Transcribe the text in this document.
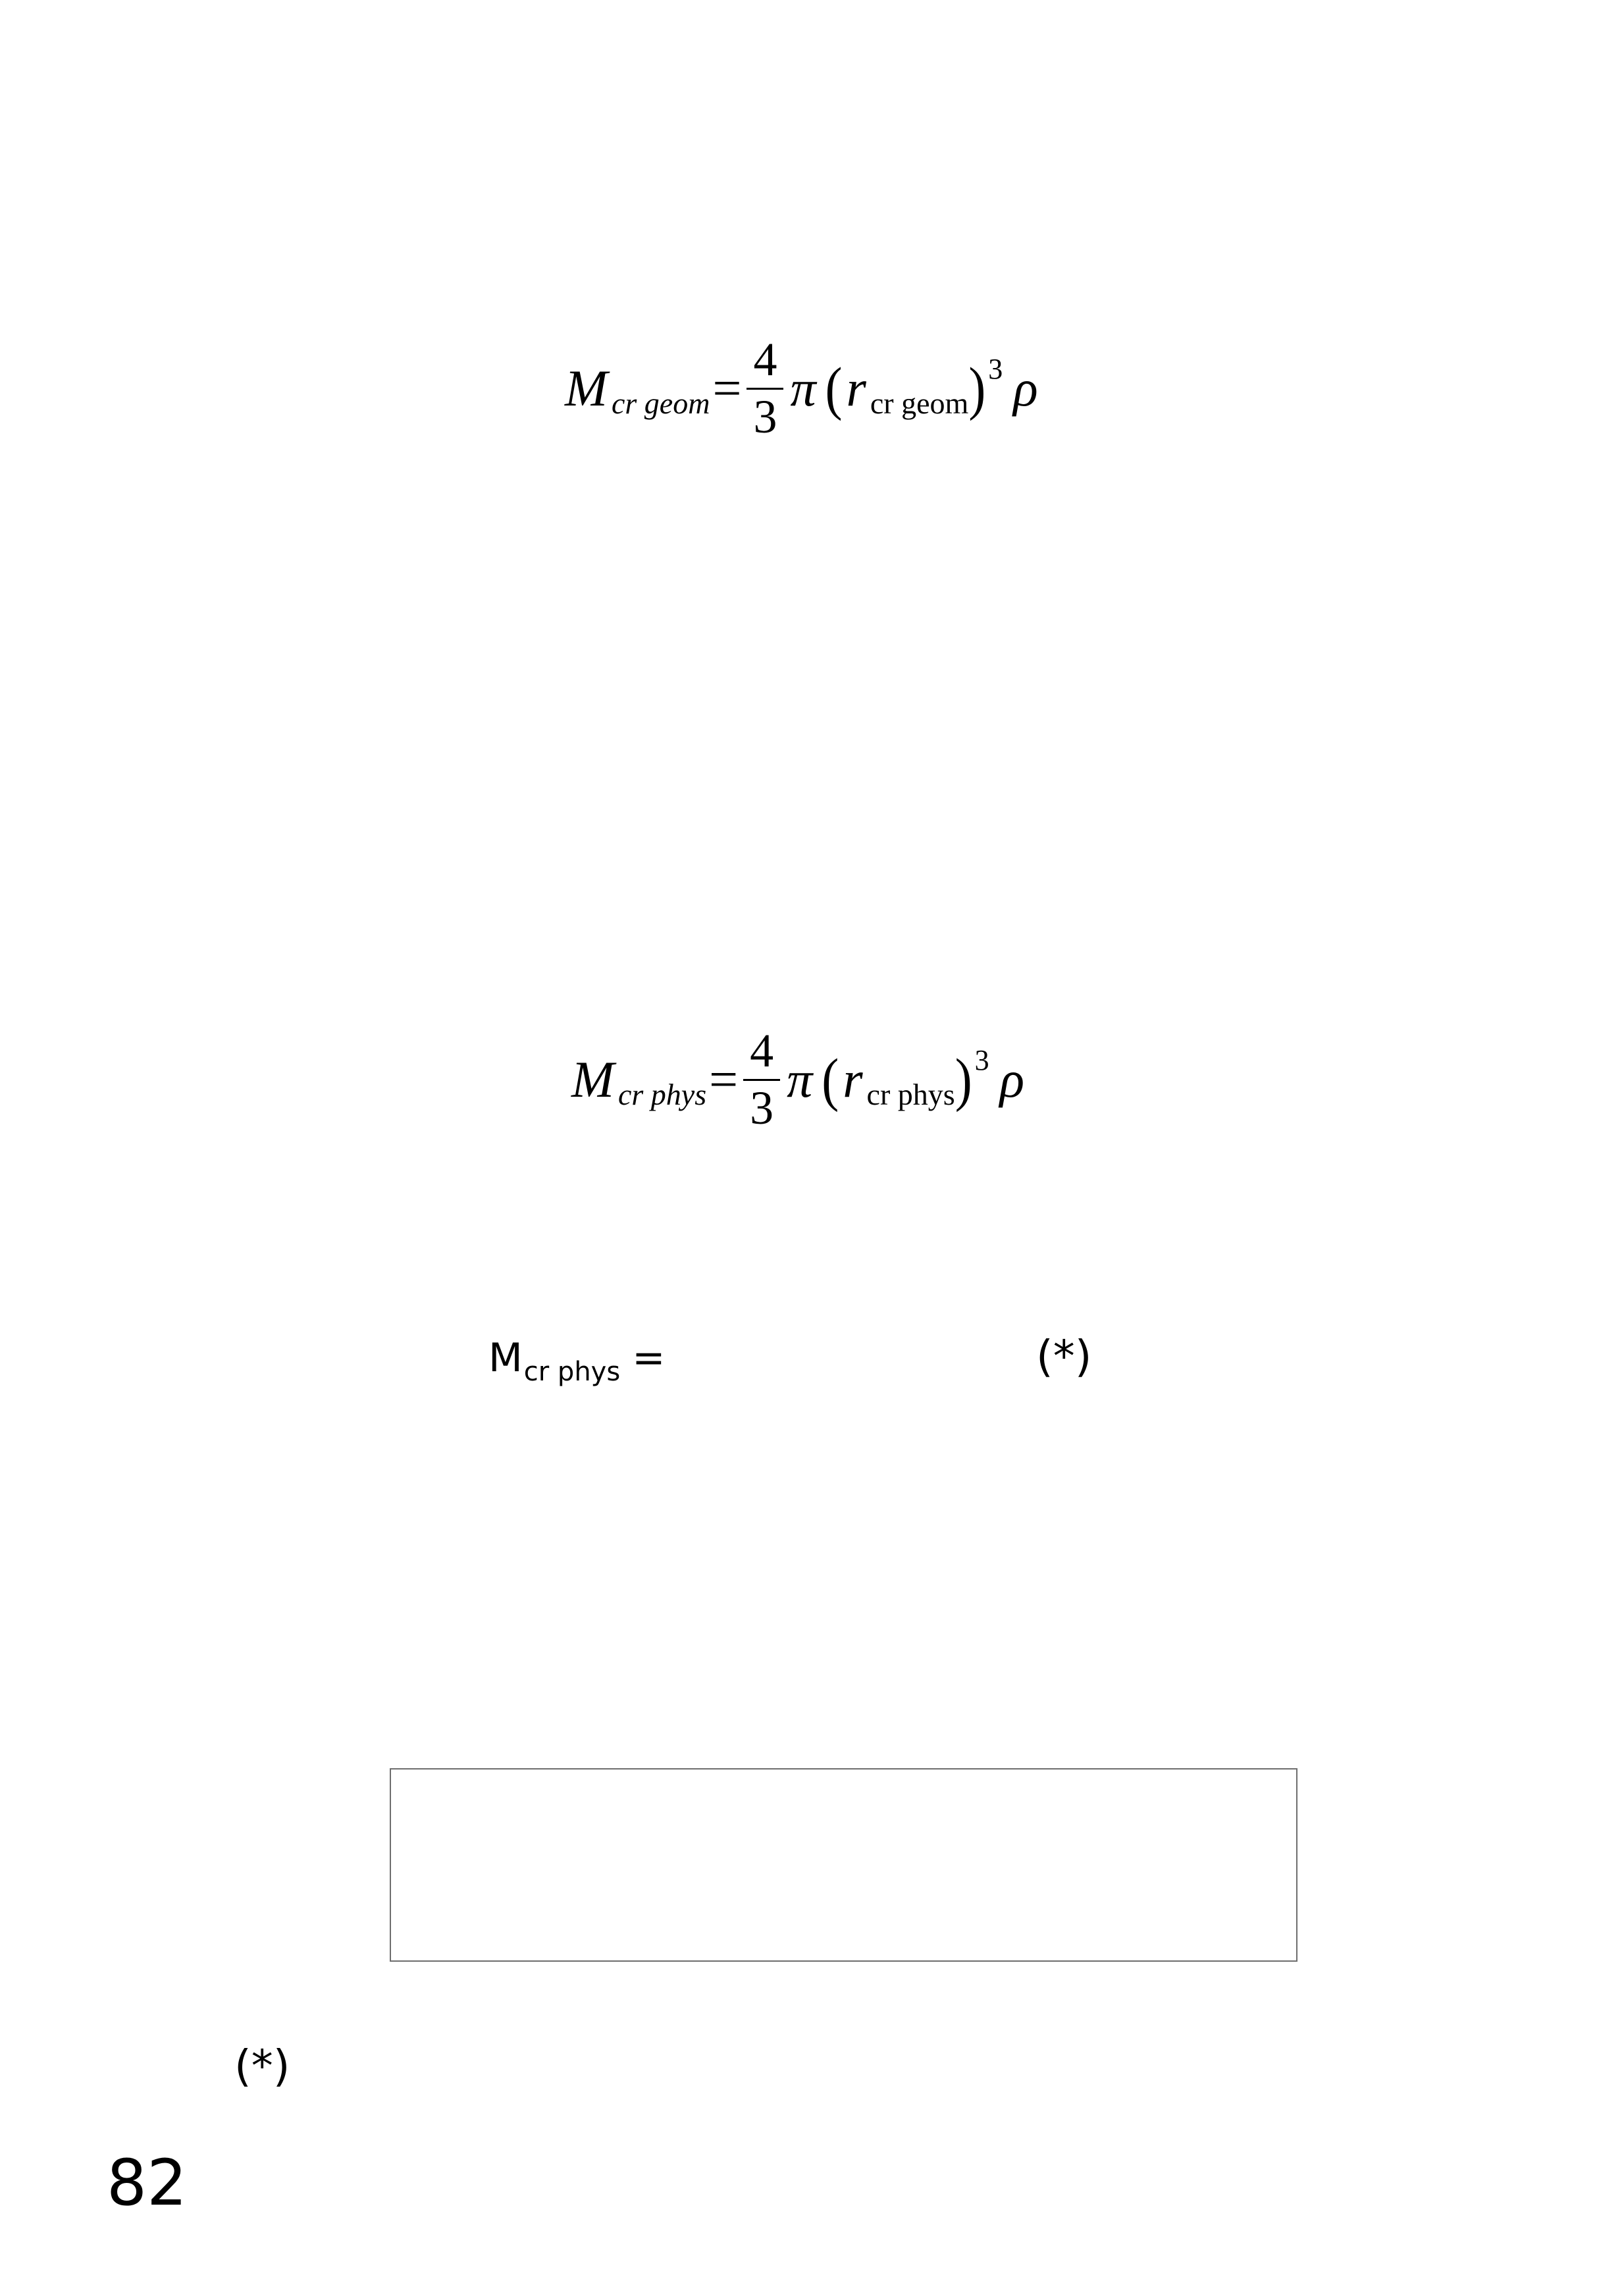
M cr geom = $\frac{4}{3}$ π ( r cr geom ) 3 ρ
M cr phys = $\frac{4}{3}$ π ( r cr phys ) 3 ρ
$M_{cr phys}$ =	(*)
(*)
82
